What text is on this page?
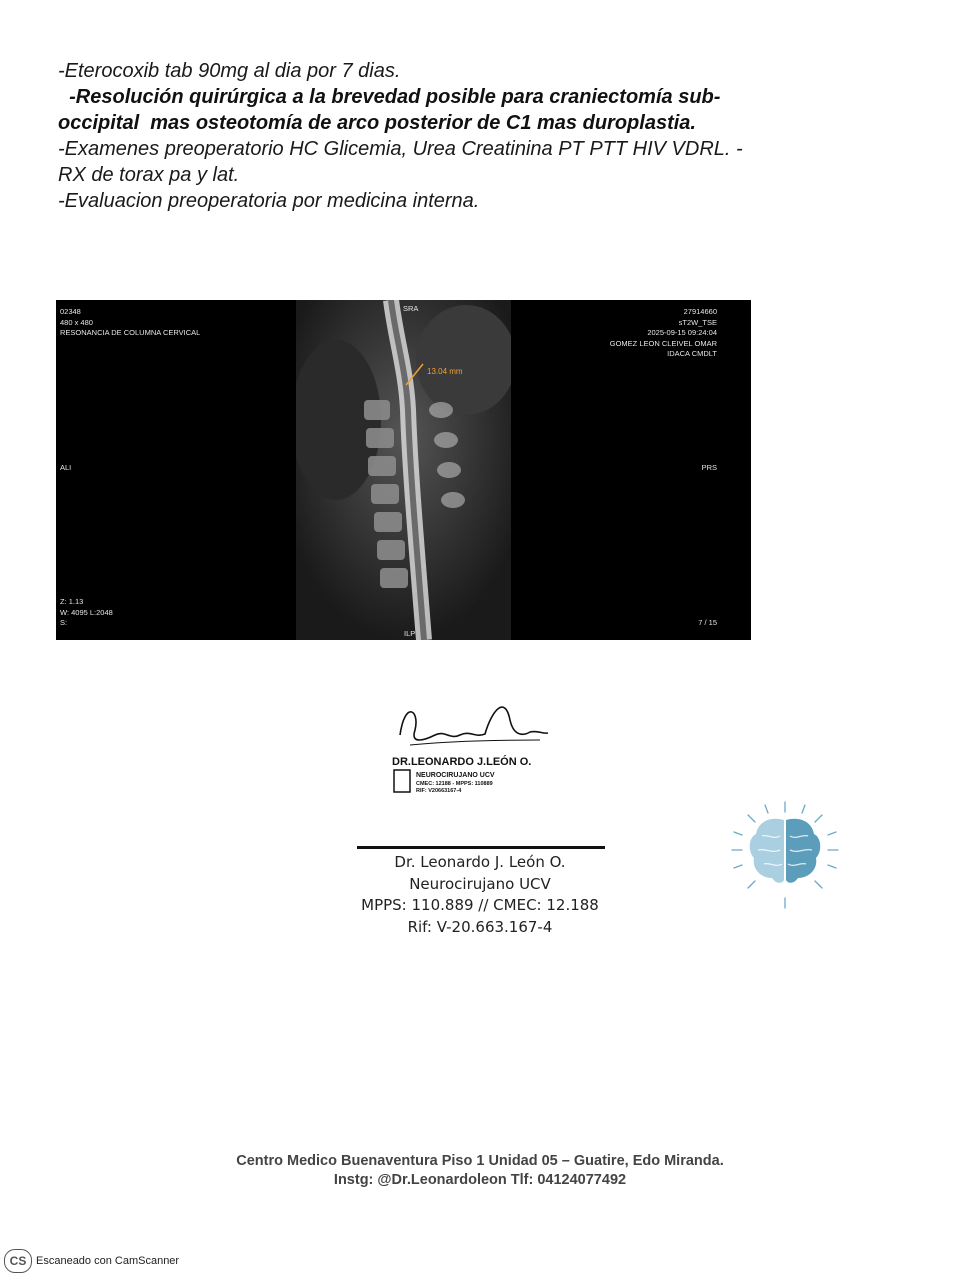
-Eterocoxib tab 90mg al dia por 7 dias.
-Resolución quirúrgica a la brevedad posible para craniectomía sub-
occipital  mas osteotomía de arco posterior de C1 mas duroplastia.
-Examenes preoperatorio HC Glicemia, Urea Creatinina PT PTT HIV VDRL. -
RX de torax pa y lat.
-Evaluacion preoperatoria por medicina interna.
02348
480 x 480
RESONANCIA DE COLUMNA CERVICAL
27914660
sT2W_TSE
2025-09-15 09:24:04
GOMEZ LEON CLEIVEL OMAR
IDACA CMDLT
ALI	PRS
SRA
ILP
Z: 1.13
W: 4095 L:2048
S:	7 / 15
13.04 mm
DR.LEONARDO J.LEÓN O.
NEUROCIRUJANO UCV
CMEC: 12188 - MPPS: 110889
RIF: V20663167-4
Dr. Leonardo J. León O.
Neurocirujano UCV
MPPS: 110.889 // CMEC: 12.188
Rif: V-20.663.167-4
Centro Medico Buenaventura Piso 1 Unidad 05 – Guatire, Edo Miranda.
Instg: @Dr.Leonardoleon Tlf: 04124077492
CS Escaneado con CamScanner
